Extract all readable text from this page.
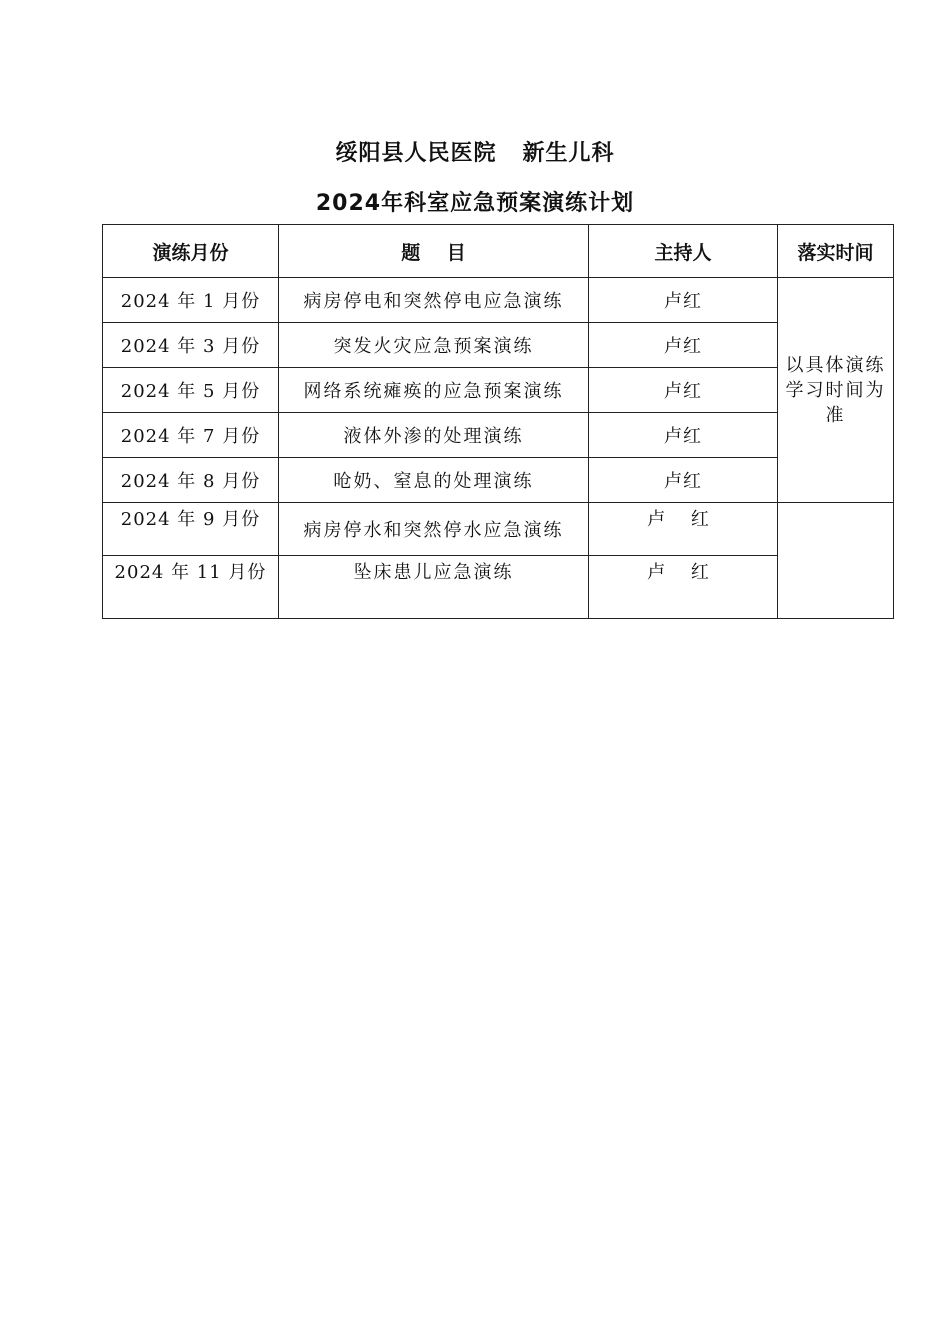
绥阳县人民医院   新生儿科
2024年科室应急预案演练计划
演练月份	题    目	主持人	落实时间
2024 年 1 月份	病房停电和突然停电应急演练	卢红	以具体演练学习时间为准
2024 年 3 月份	突发火灾应急预案演练	卢红	
2024 年 5 月份	网络系统瘫痪的应急预案演练	卢红	
2024 年 7 月份	液体外渗的处理演练	卢红	
2024 年 8 月份	呛奶、窒息的处理演练	卢红	
2024 年 9 月份	病房停水和突然停水应急演练	卢 红	
2024 年 11 月份	坠床患儿应急演练	卢 红	
